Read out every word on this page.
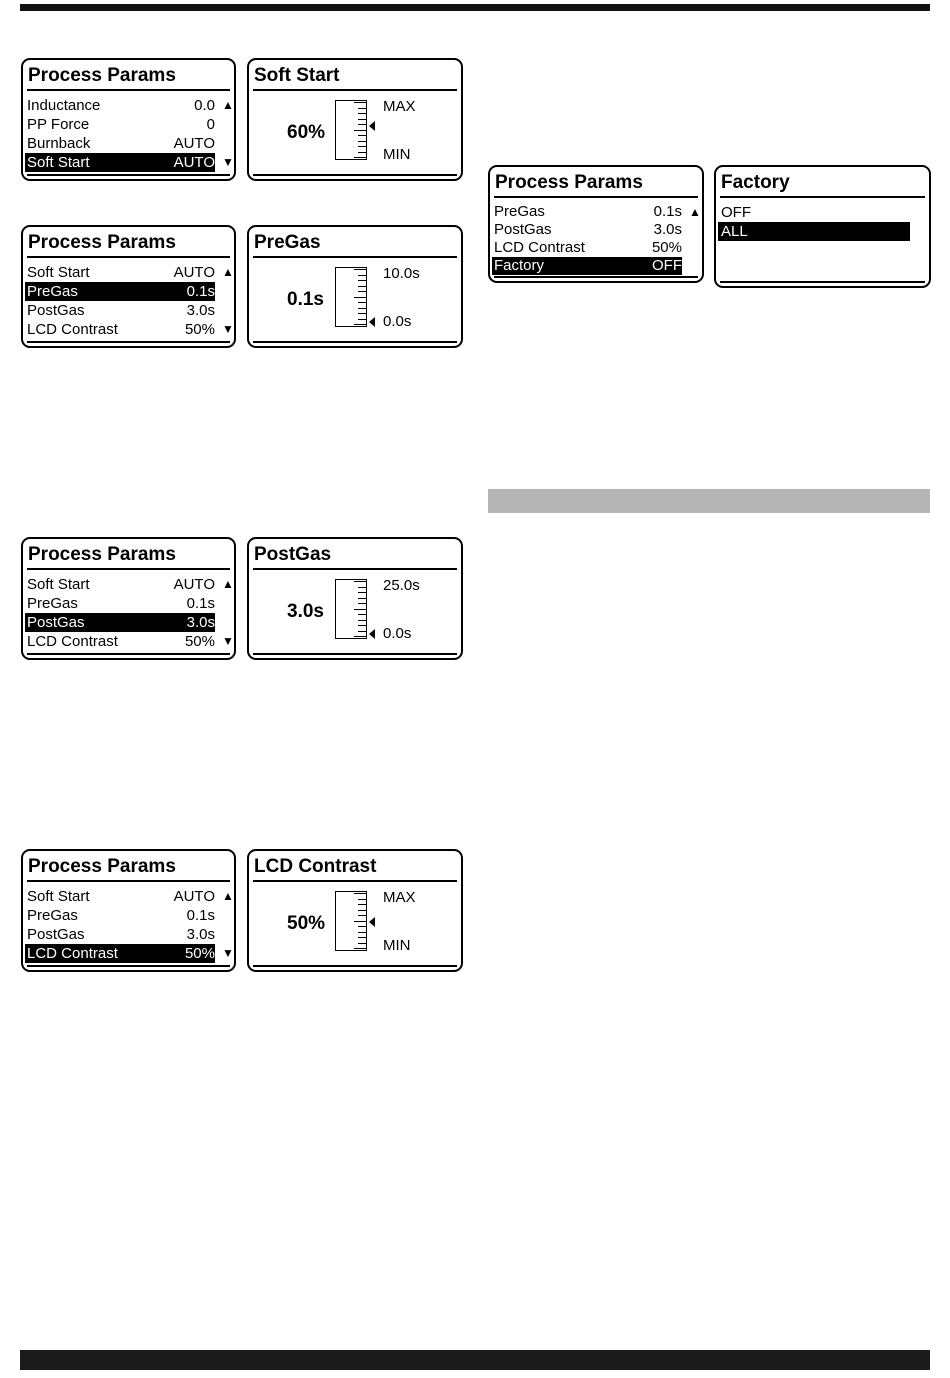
Process Params
Inductance	0.0
PP Force	0
Burnback	AUTO
Soft Start	AUTO
▲
▼
Soft Start
60%
MAX
MIN
Process Params
Soft Start	AUTO
PreGas	0.1s
PostGas	3.0s
LCD Contrast	50%
▲
▼
PreGas
0.1s
10.0s
0.0s
Process Params
Soft Start	AUTO
PreGas	0.1s
PostGas	3.0s
LCD Contrast	50%
▲
▼
PostGas
3.0s
25.0s
0.0s
Process Params
Soft Start	AUTO
PreGas	0.1s
PostGas	3.0s
LCD Contrast	50%
▲
▼
LCD Contrast
50%
MAX
MIN
Process Params
PreGas	0.1s
PostGas	3.0s
LCD Contrast	50%
Factory	OFF
▲
Factory
OFF
ALL
